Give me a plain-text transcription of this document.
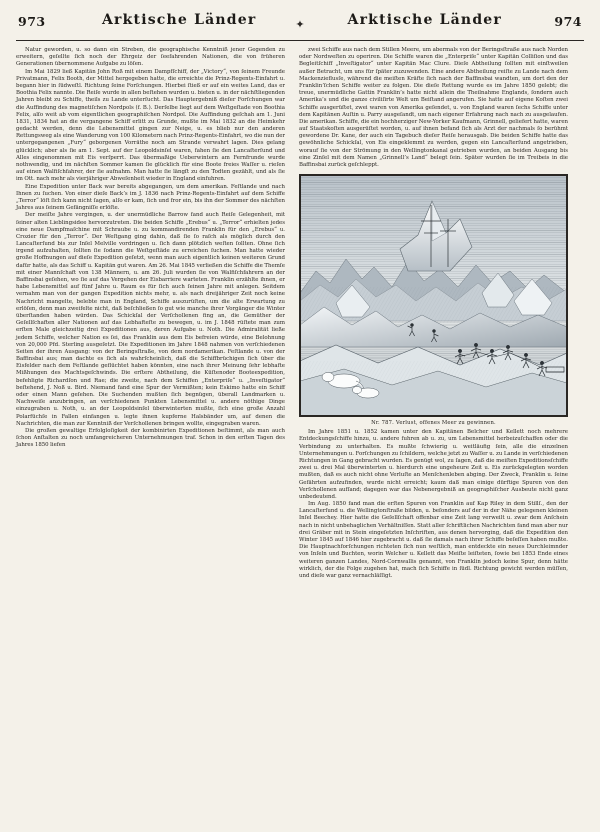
973	Arktische Länder	✦	Arktische Länder	974

Natur geworden, u. so dann ein Streben, die geographische Kenntniß jener Gegenden zu erweitern, geſellte ſich noch der Ehrgeiz der ſeefahrenden Nationen, die von früheren Generationen übernommene Aufgabe zu löſen.

Im Mai 1829 ließ Kapitän John Roß mit einem Dampfſchiff, der „Victory“, von ſeinem Freunde Privatmann, Fеlix Booth, der Mittel hergegeben hatte, die erreichte die Prinz-Regents-Einfahrt u. begann hier in ſüdweſtl. Richtung ſeine Forſchungen. Hierbei ſtieß er auf ein weites Land, das er Boothia Felix nannte. Die Reiſe wurde in allen beſtehen wurden u. bieten u. in der nächſtliegenden Jahren bleibt zu Schiffe, theils zu Lande unterſucht. Das Hauptergebniß dieſer Forſchungen war die Auffindung des magnetiſchen Nordpols (f. B.). Derſelbe liegt auf dem Weſtgeſtade von Boothia Felix, alſo weit ab vom eigentlichen geographiſchen Nordpol. Die Auffindung geſchah am 1. Juni 1831, 1834 hat an die vergangene Schiff erlitt zu Grunde, mußte im Mai 1832 an die Heimkehr gedacht werden, denn die Lebensmittel gingen zur Neige, u. es blieb nur den anderen Rettungsweg als eine Wanderung von 100 Kilometern nach Prinz-Regents-Einfahrt, wo die nun der untergegangenen „Fury“ geborgenen Vorräthe noch am Strande verwahrt lagen. Dies gelang glücklich; aber als ſie am 1. Sept. auf der Leopoldsinſel waren, fahen ſie den Lancaſterſund und Alles eingenommen mit Eis verſperrt. Das übermaßige Ueberwintern am Fernfrunde wurde nothwendig, und im nächſten Sommer kamen ſie glücklich für eine Boote freies Waſſer u. rieſen auf einen Walfiſchfahrer, der ſie aufnahm. Man hatte ſie längſt zu den Todten gezählt, und als ſie im Ott. nach mehr als vierjähriger Abweſenheit wieder in England einfuhren.

Eine Expedition unter Back war bereits abgegangen, um dem amerikan. Feſtlande und nach Ihnen zu ſuchen. Von einer dieſe Back’s im J. 1836 nach Prinz-Regents-Einfahrt auf dem Schiffe „Terror“ löſt ſich kann nicht ſagen, alſo er kam, ſich und fror ein, bis ihn der Sommer des nächſten Jahres aus ſeinem Gefängniſſe erlöſte.

Der meiſte Jahre vergingen, u. der unermüdliche Barrow fand auch Reiſe Gelegenheit, mit ſeiner alten Lieblingsidee hervorzutreten. Die beiden Schiffe „Erebus“ u. „Terror“ erhielten jedes eine neue Dampfmaſchine mit Schraube u. zu kommandirenden Franklin für den „Erebus“ u. Crozier für den „Terror“. Der Weſtgang ging dahin, daß ſie ſo raſch als möglich durch den Lancaſterſund bis zur Inſel Melville vordringen u. ſich dann plötzlich weſten ſollten. Ohne ſich irgend aufzuhalten, ſollten ſie ſodann die Weſtgeſtäde zu erreichen ſuchen. Man hatte wieder große Hoffnungen auf dieſe Expedition geſetzt, wenn man auch eigentlich keinen weiteren Grund dafür hatte, als das Schiff u. Kapitän gut waren. Am 26. Mai 1845 verließen die Schiffe die Themſe mit einer Mannſchaft von 138 Männern, u. am 26. Juli wurden ſie von Walfiſchfahrern an der Baffinsbai geſehen, wo ſie auf das Vergehen der Eisbarriere warteten. Franklin erzählte ihnen, er habe Lebensmittel auf fünf Jahre u. Raum es für ſich auch ſeinen Jahre mit anlegen. Seitdem vernahm man von der gangen Expedition nichts mehr, u. als nach dreijähriger Zeit noch keine Nachricht mangelte, belebte man in England, Schiffe auszurüſten, um die alte Erwartung zu erlöſen, denn man zweifelte nicht, daß beſchließen ſo gut wie manche ihrer Vorgänger die Winter überſtanden haben würden. Das Schickſal der Verſchollenen fing an, die Gemüther der Geſellſchaften aller Nationen auf das Lebhafteſte zu bewegen, u. im J. 1848 rüſtete man zum erſten Male gleichzeitig drei Expeditionen aus, deren Aufgabe u. Noth. Die Admiralität ließe jedem Schiffe, welcher Nation es ſei, das Franklin aus dem Eis befreien würde, eine Belohnung von 20,000 Pfd. Sterling ausgeſetzt. Die Expeditionen im Jahre 1848 nahmen von verſchiedenen Seiten der ihren Ausgang: von der Beringsſtraße, von dem nordamerikan. Feſtlande u. von der Baffinsbai aus; man dachte es ſich als wahrſcheinlich, daß die Schiffbrüchigen ſich über die Eisfelder nach dem Feſtlande geflüchtet haben könnten, eine nach ihrer Meinung ſehr lebhafte Mißhungen des Machtsgeſchwinds. Die erſtere Abtheilung, die Küſtenoder Booteexpedition, befehligte Richardſon und Rae; die zweite, nach dem Schiffen „Enterpriſe“ u. „Inveſtigator“ beſtehend, J. Noß u. Bird. Niemand fand eine Spur der Vermißten; kein Eskimo hatte ein Schiff oder einen Mann geſehen. Die Suchenden mußten ſich begnügen, überall Landmarken u. Nachweiſe anzubringen, an verſchiedenen Punkten Lebensmittel u. andere nöthige Dinge einzugraben u. Noth, u. an der Leopoldsinſel überwinterten mußte, ſich eine große Anzahl Polarfüchſe in Fallen einfangen u. legte ihnen kupferne Halsbänder um, auf denen die Nachrichten, die man zur Kenntniß der Verſchollenen bringen wollte, eingegraben waren.

Die großen gewaltige Erfolgloſigkeit der kombinirten Expeditionen beſtimmt, als man auch ſchon Anſtalten zu noch umfangreicheren Unternehmungen traf. Schon in den erſten Tagen des Jahres 1850 liefen

zwei Schiffe aus nach dem Stillen Meere, um abermals von der Beringsſtraße aus nach Norden oder Nordweſten zu operiren. Die Schiffe waren die „Enterpriſe“ unter Kapitän Colliſion und das Begleitſchiff „Inveſtigator“ unter Kapitän Mac Clure. Dieſe Abtheilung ſollten mit einſtweilen außer Betracht, um uns für ſpäter zuzuwenden. Eine andere Abtheilung reiſte zu Lande nach dem Mackenzieflusſe, während die meiſten Kräfte ſich nach der Baffinsbai wandten, um dort den der Franklin’ſchen Schiffe weiter zu folgen. Die dieſe Rettung wurde es im Jahre 1850 gelebt; die treue, unermüdliche Gattin Franklin’s hatte nicht allein die Theilnahme Englands, ſondern auch Amerika’s und die ganze civiliſirte Welt um Beiſtand angerufen. Sie hatte auf eigene Koſten zwei Schiffe ausgerüſtet, zwei waren von Amerika geſendet, u. von England waren ſechs Schiffe unter dem Kapitänen Auſtin u. Parry ausgeſandt, um nach eigener Erfahrung nach nach zu ausgelaufen. Die amerikan. Schiffe, die ein hochherziger New-Yorker Kaufmann, Grinnell, geliefert hatte, waren auf Staatskoſten ausgerüſtet worden, u. auf ihnen befand ſich als Arzt der nachmals ſo berühmt gewordene Dr. Kane, der auch ein Tagebuch dieſer Reiſe herausgab. Die beiden Schiffe hatte das gewöhnliche Schickſal, von Eis eingeklemmt zu werden, gegen ein Lancaſterſund angetrieben, worauf ſie von der Strömung in den Wellingtonkanal getrieben wurden, an beiden Ausgang bis eine Zinſel mit dem Namen „Grinnell’s Land“ belegt ſein. Später wurden ſie im Treibeis in die Baffinsbai zurück geſchleppt.

Nr. 787. Verlust, offenes Meer zu gewinnen.

Im Jahre 1851 u. 1852 kamen unter den Kapitänen Belcher und Kellett noch mehrere Entdeckungsſchiffe hinzu, u. andere fuhren ab u. zu, um Lebensmittel herbeizuſchaffen oder die Verbindung zu unterhalten. Es mußte ſchwierig u. weitläufig ſein, alle die einzelnen Unternehmungen u. Forſchungen zu ſchildern, welche jetzt zu Waſſer u. zu Lande in verſchiedenen Richtungen in Gang gebracht wurden. Es genügt wol, zu ſagen, daß die meiſten Expeditionsſchiffe zwei u. drei Mal überwinterten u. hierdurch eine ungeheure Zeit u. Eis zurückgelegten worden mußten, daß es auch nicht ohne Verluſte an Menſchenleben abging. Der Zweck, Franklin u. ſeine Gefährten aufzufinden, wurde nicht erreicht; kaum daß man einige dürftige Spuren von den Verſchollenen aufſand; dagegen war das Nebenergebniß an geographiſcher Ausbeute nicht ganz unbedeutend.

Im Aug. 1850 fand man die erſten Spuren von Franklin auf Kap Riley in dem Stillſ., den der Lancaſterſund u. die Wellingtonſtraße bilden, u. beſonders auf der in der Nähe gelegenen kleinen Inſel Beechey. Hier hatte die Geſellſchaft offenbar eine Zeit lang verweilt u. zwar dem Anſchein nach in nicht unbehaglichen Verhältniſſen. Statt aller ſchriftlichen Nachrichten fand man aber nur drei Gräber mit in Stein eingeſetzten Inſchriften, aus denen hervorging, daß die Expedition den Winter 1845 auf 1846 hier zugebracht u. daß ſie damals nach ihrer Schiffe beſeſſen haben mußte. Die Hauptnachforſchungen richteten ſich nun weſtlich, man entdeckte ein neues Durchleimnder von Inſeln und Buchten, worin Welcher u. Kellett das Meiſte leiſteten, ſowie bei 1853 Ende eines weiteren ganzen Landes, Nord-Cornwallis genannt, von Franklin jedoch keine Spur, denn hätte wirklich, der die Folge zugehen hat, mach ſich Schiffe in ſüdl. Richtung gewicht werden müſſen, und dieſe war ganz vernachläſſigt.
